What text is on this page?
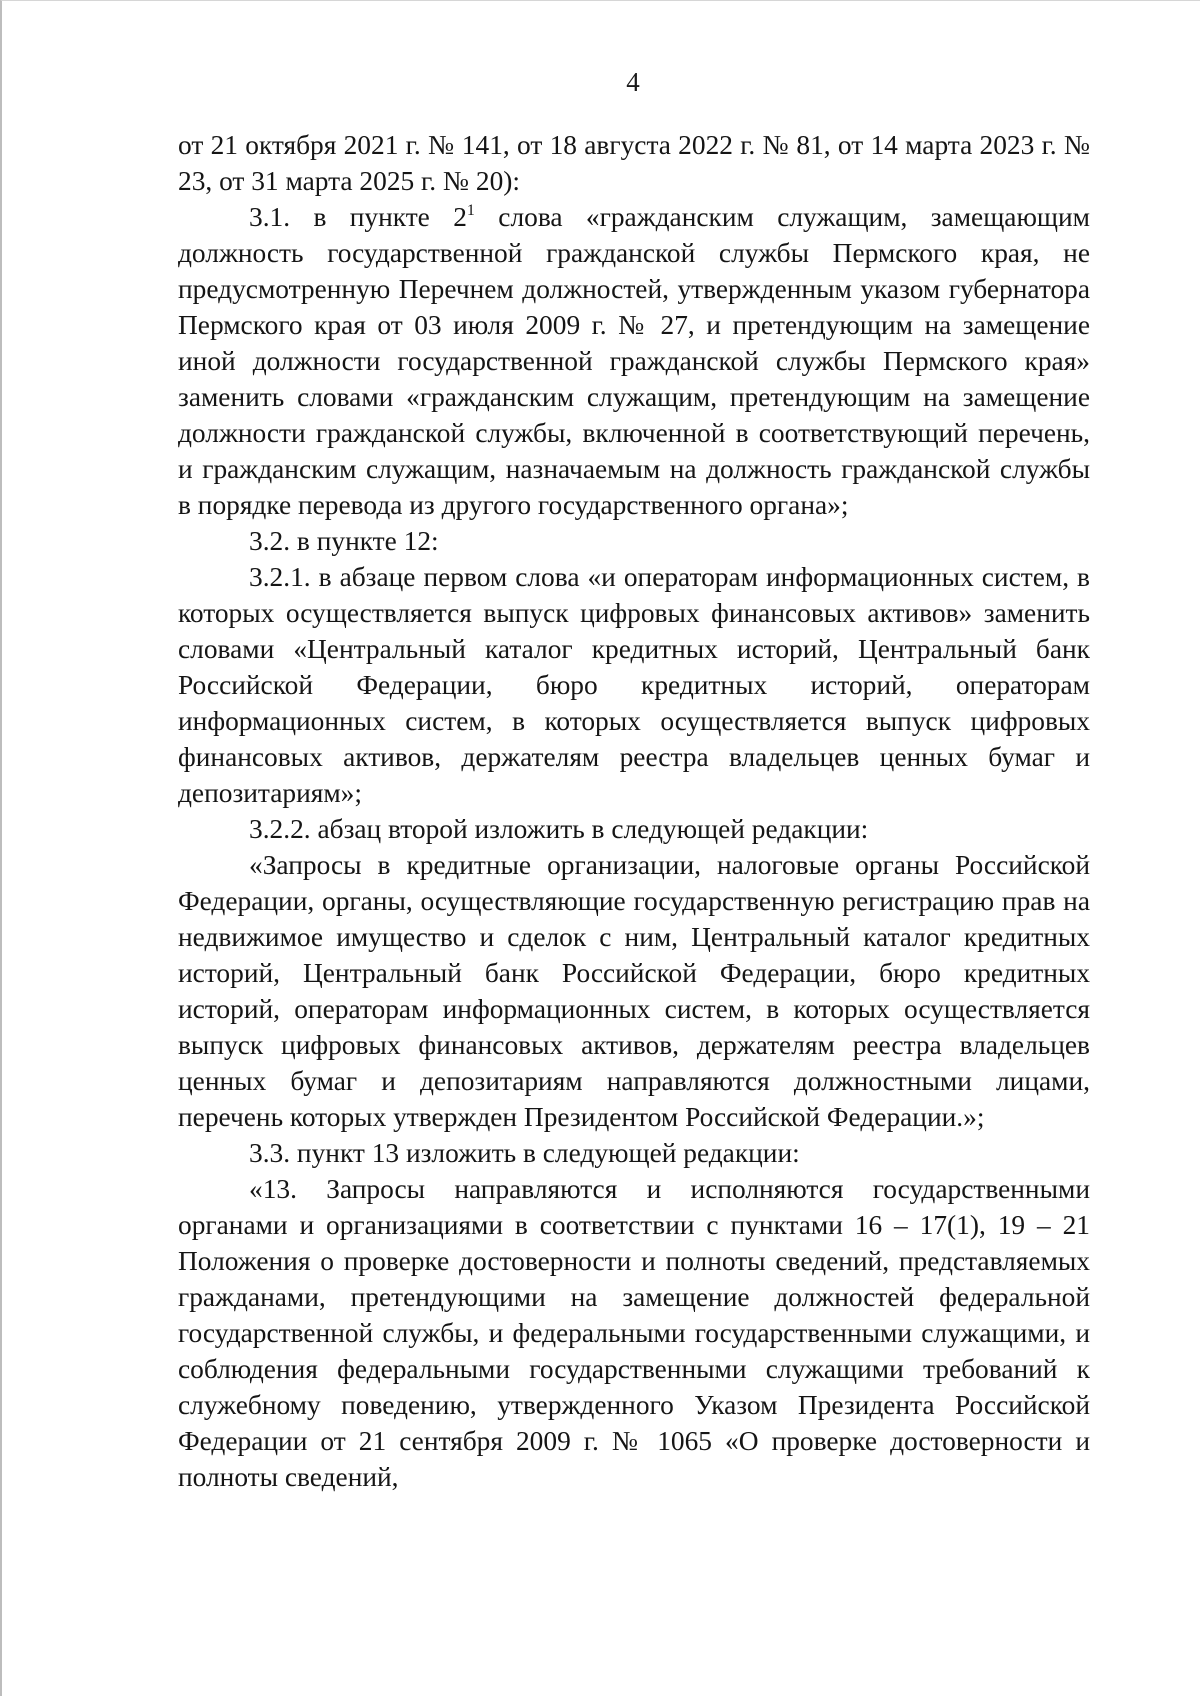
4

от 21 октября 2021 г. № 141, от 18 августа 2022 г. № 81, от 14 марта 2023 г. № 23, от 31 марта 2025 г. № 20):

3.1. в пункте $2^1$ слова «гражданским служащим, замещающим должность государственной гражданской службы Пермского края, не предусмотренную Перечнем должностей, утвержденным указом губернатора Пермского края от 03 июля 2009 г. № 27, и претендующим на замещение иной должности государственной гражданской службы Пермского края» заменить словами «гражданским служащим, претендующим на замещение должности гражданской службы, включенной в соответствующий перечень, и гражданским служащим, назначаемым на должность гражданской службы в порядке перевода из другого государственного органа»;

3.2. в пункте 12:

3.2.1. в абзаце первом слова «и операторам информационных систем, в которых осуществляется выпуск цифровых финансовых активов» заменить словами «Центральный каталог кредитных историй, Центральный банк Российской Федерации, бюро кредитных историй, операторам информационных систем, в которых осуществляется выпуск цифровых финансовых активов, держателям реестра владельцев ценных бумаг и депозитариям»;

3.2.2. абзац второй изложить в следующей редакции:

«Запросы в кредитные организации, налоговые органы Российской Федерации, органы, осуществляющие государственную регистрацию прав на недвижимое имущество и сделок с ним, Центральный каталог кредитных историй, Центральный банк Российской Федерации, бюро кредитных историй, операторам информационных систем, в которых осуществляется выпуск цифровых финансовых активов, держателям реестра владельцев ценных бумаг и депозитариям направляются должностными лицами, перечень которых утвержден Президентом Российской Федерации.»;

3.3. пункт 13 изложить в следующей редакции:

«13. Запросы направляются и исполняются государственными органами и организациями в соответствии с пунктами 16 – 17(1), 19 – 21 Положения о проверке достоверности и полноты сведений, представляемых гражданами, претендующими на замещение должностей федеральной государственной службы, и федеральными государственными служащими, и соблюдения федеральными государственными служащими требований к служебному поведению, утвержденного Указом Президента Российской Федерации от 21 сентября 2009 г. № 1065 «О проверке достоверности и полноты сведений,
